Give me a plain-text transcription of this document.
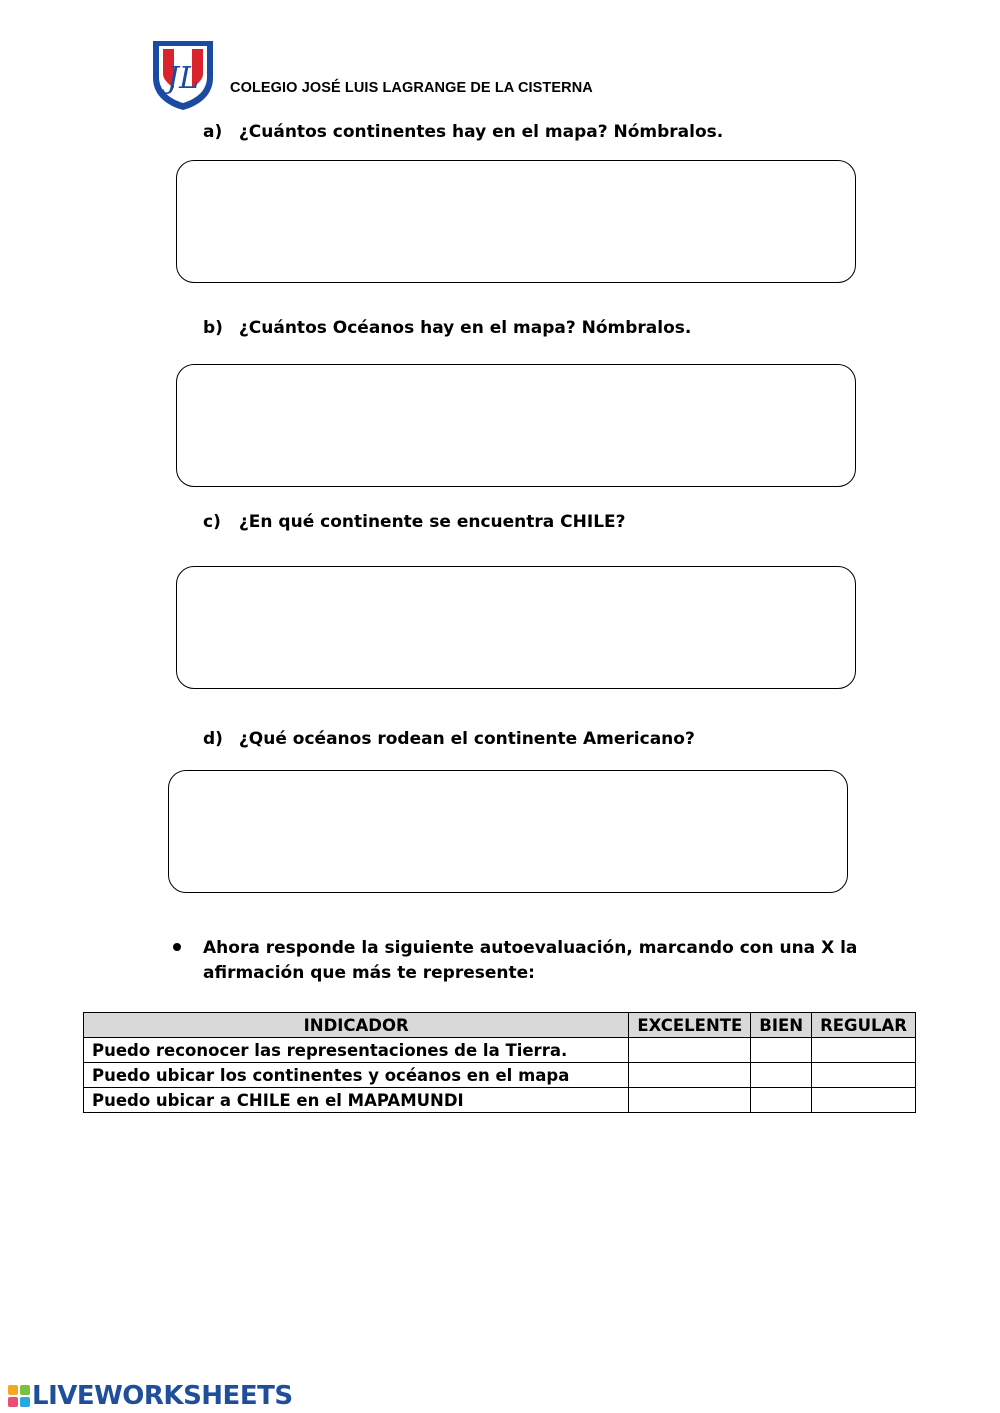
JL COLEGIO JOSÉ LUIS LAGRANGE DE LA CISTERNA
a) ¿Cuántos continentes hay en el mapa? Nómbralos.
b) ¿Cuántos Océanos hay en el mapa? Nómbralos.
c) ¿En qué continente se encuentra CHILE?
d) ¿Qué océanos rodean el continente Americano?
Ahora responde la siguiente autoevaluación, marcando con una X la afirmación que más te represente:
INDICADOR	EXCELENTE	BIEN	REGULAR
Puedo reconocer las representaciones de la Tierra.			
Puedo ubicar los continentes y océanos en el mapa			
Puedo ubicar a CHILE en el MAPAMUNDI			
LIVEWORKSHEETS
